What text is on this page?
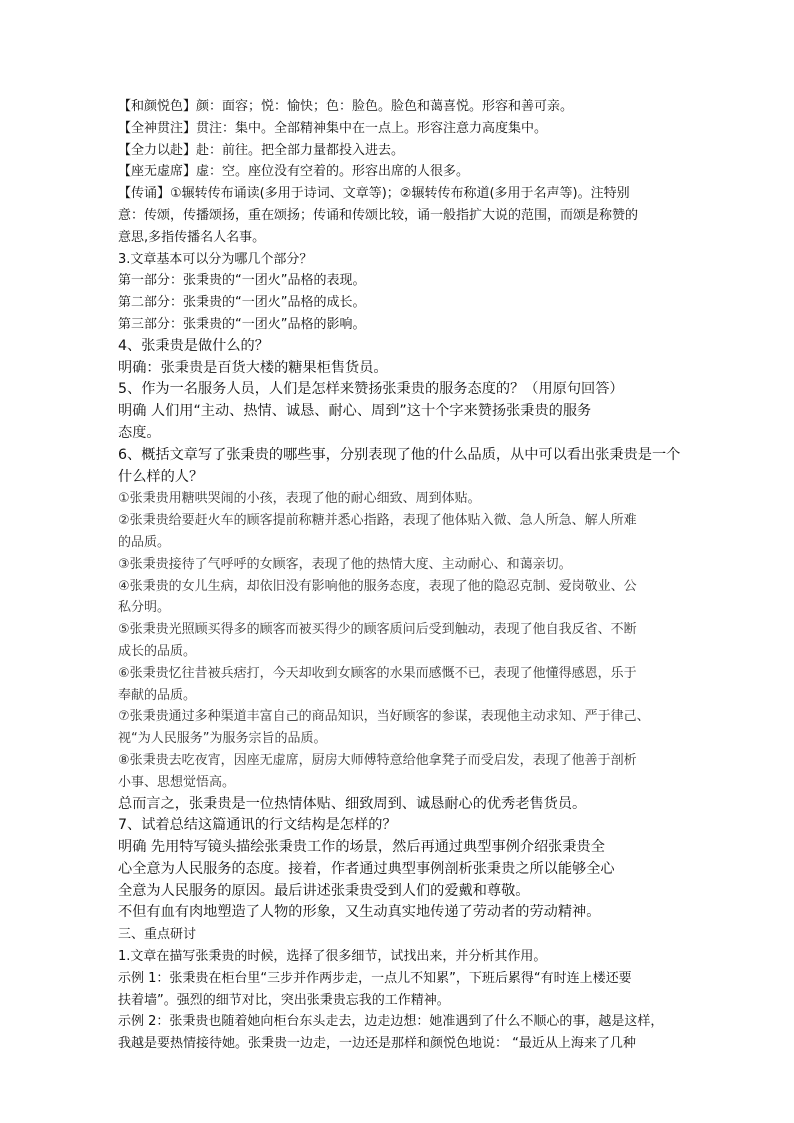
【和颜悦色】颜：面容；悦：愉快；色：脸色。脸色和蔼喜悦。形容和善可亲。
【全神贯注】贯注：集中。全部精神集中在一点上。形容注意力高度集中。
【全力以赴】赴：前往。把全部力量都投入进去。
【座无虚席】虚：空。座位没有空着的。形容出席的人很多。
【传诵】①辗转传布诵读(多用于诗词、文章等)；②辗转传布称道(多用于名声等)。注特别
意：传颂，传播颂扬，重在颂扬；传诵和传颂比较，诵一般指扩大说的范围，而颂是称赞的
意思,多指传播名人名事。
3.文章基本可以分为哪几个部分？
第一部分：张秉贵的“一团火”品格的表现。
第二部分：张秉贵的“一团火”品格的成长。
第三部分：张秉贵的“一团火”品格的影响。
4、张秉贵是做什么的？
明确：张秉贵是百货大楼的糖果柜售货员。
5、作为一名服务人员，人们是怎样来赞扬张秉贵的服务态度的？（用原句回答）
明确 人们用“主动、热情、诚恳、耐心、周到”这十个字来赞扬张秉贵的服务
态度。
6、概括文章写了张秉贵的哪些事，分别表现了他的什么品质，从中可以看出张秉贵是一个
什么样的人？
①张秉贵用糖哄哭闹的小孩，表现了他的耐心细致、周到体贴。
②张秉贵给要赶火车的顾客提前称糖并悉心指路，表现了他体贴入微、急人所急、解人所难
的品质。
③张秉贵接待了气呼呼的女顾客，表现了他的热情大度、主动耐心、和蔼亲切。
④张秉贵的女儿生病，却依旧没有影响他的服务态度，表现了他的隐忍克制、爱岗敬业、公
私分明。
⑤张秉贵光照顾买得多的顾客而被买得少的顾客质问后受到触动，表现了他自我反省、不断
成长的品质。
⑥张秉贵忆往昔被兵痞打，今天却收到女顾客的水果而感慨不已，表现了他懂得感恩，乐于
奉献的品质。
⑦张秉贵通过多种渠道丰富自己的商品知识，当好顾客的参谋，表现他主动求知、严于律己、
视“为人民服务”为服务宗旨的品质。
⑧张秉贵去吃夜宵，因座无虚席，厨房大师傅特意给他拿凳子而受启发，表现了他善于剖析
小事、思想觉悟高。
总而言之，张秉贵是一位热情体贴、细致周到、诚恳耐心的优秀老售货员。
7、试着总结这篇通讯的行文结构是怎样的？
明确 先用特写镜头描绘张秉贵工作的场景，然后再通过典型事例介绍张秉贵全
心全意为人民服务的态度。接着，作者通过典型事例剖析张秉贵之所以能够全心
全意为人民服务的原因。最后讲述张秉贵受到人们的爱戴和尊敬。
不但有血有肉地塑造了人物的形象，又生动真实地传递了劳动者的劳动精神。
三、重点研讨
1.文章在描写张秉贵的时候，选择了很多细节，试找出来，并分析其作用。
示例 1：张秉贵在柜台里“三步并作两步走，一点儿不知累”，下班后累得“有时连上楼还要
扶着墙”。强烈的细节对比，突出张秉贵忘我的工作精神。
示例 2：张秉贵也随着她向柜台东头走去，边走边想：她准遇到了什么不顺心的事，越是这样，
我越是要热情接待她。张秉贵一边走，一边还是那样和颜悦色地说： “最近从上海来了几种
